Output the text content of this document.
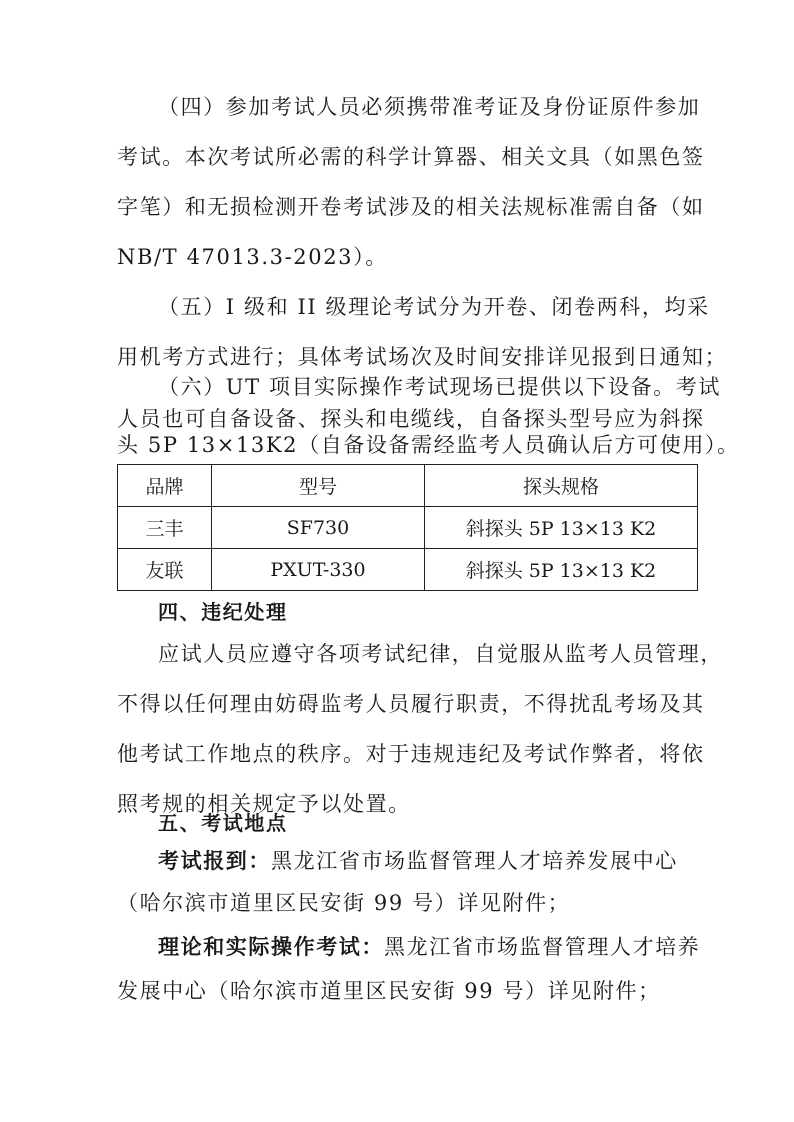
（四）参加考试人员必须携带准考证及身份证原件参加
考试。本次考试所必需的科学计算器、相关文具（如黑色签
字笔）和无损检测开卷考试涉及的相关法规标准需自备（如
NB/T 47013.3-2023）。
（五）I 级和 II 级理论考试分为开卷、闭卷两科，均采
用机考方式进行；具体考试场次及时间安排详见报到日通知；
（六）UT 项目实际操作考试现场已提供以下设备。考试
人员也可自备设备、探头和电缆线，自备探头型号应为斜探
头 5P 13×13K2（自备设备需经监考人员确认后方可使用）。
品牌	型号	探头规格
三丰	SF730	斜探头 5P 13×13 K2
友联	PXUT-330	斜探头 5P 13×13 K2
四、违纪处理
应试人员应遵守各项考试纪律，自觉服从监考人员管理，
不得以任何理由妨碍监考人员履行职责，不得扰乱考场及其
他考试工作地点的秩序。对于违规违纪及考试作弊者，将依
照考规的相关规定予以处置。
五、考试地点
考试报到：黑龙江省市场监督管理人才培养发展中心
（哈尔滨市道里区民安街 99 号）详见附件；
理论和实际操作考试：黑龙江省市场监督管理人才培养
发展中心（哈尔滨市道里区民安街 99 号）详见附件；
